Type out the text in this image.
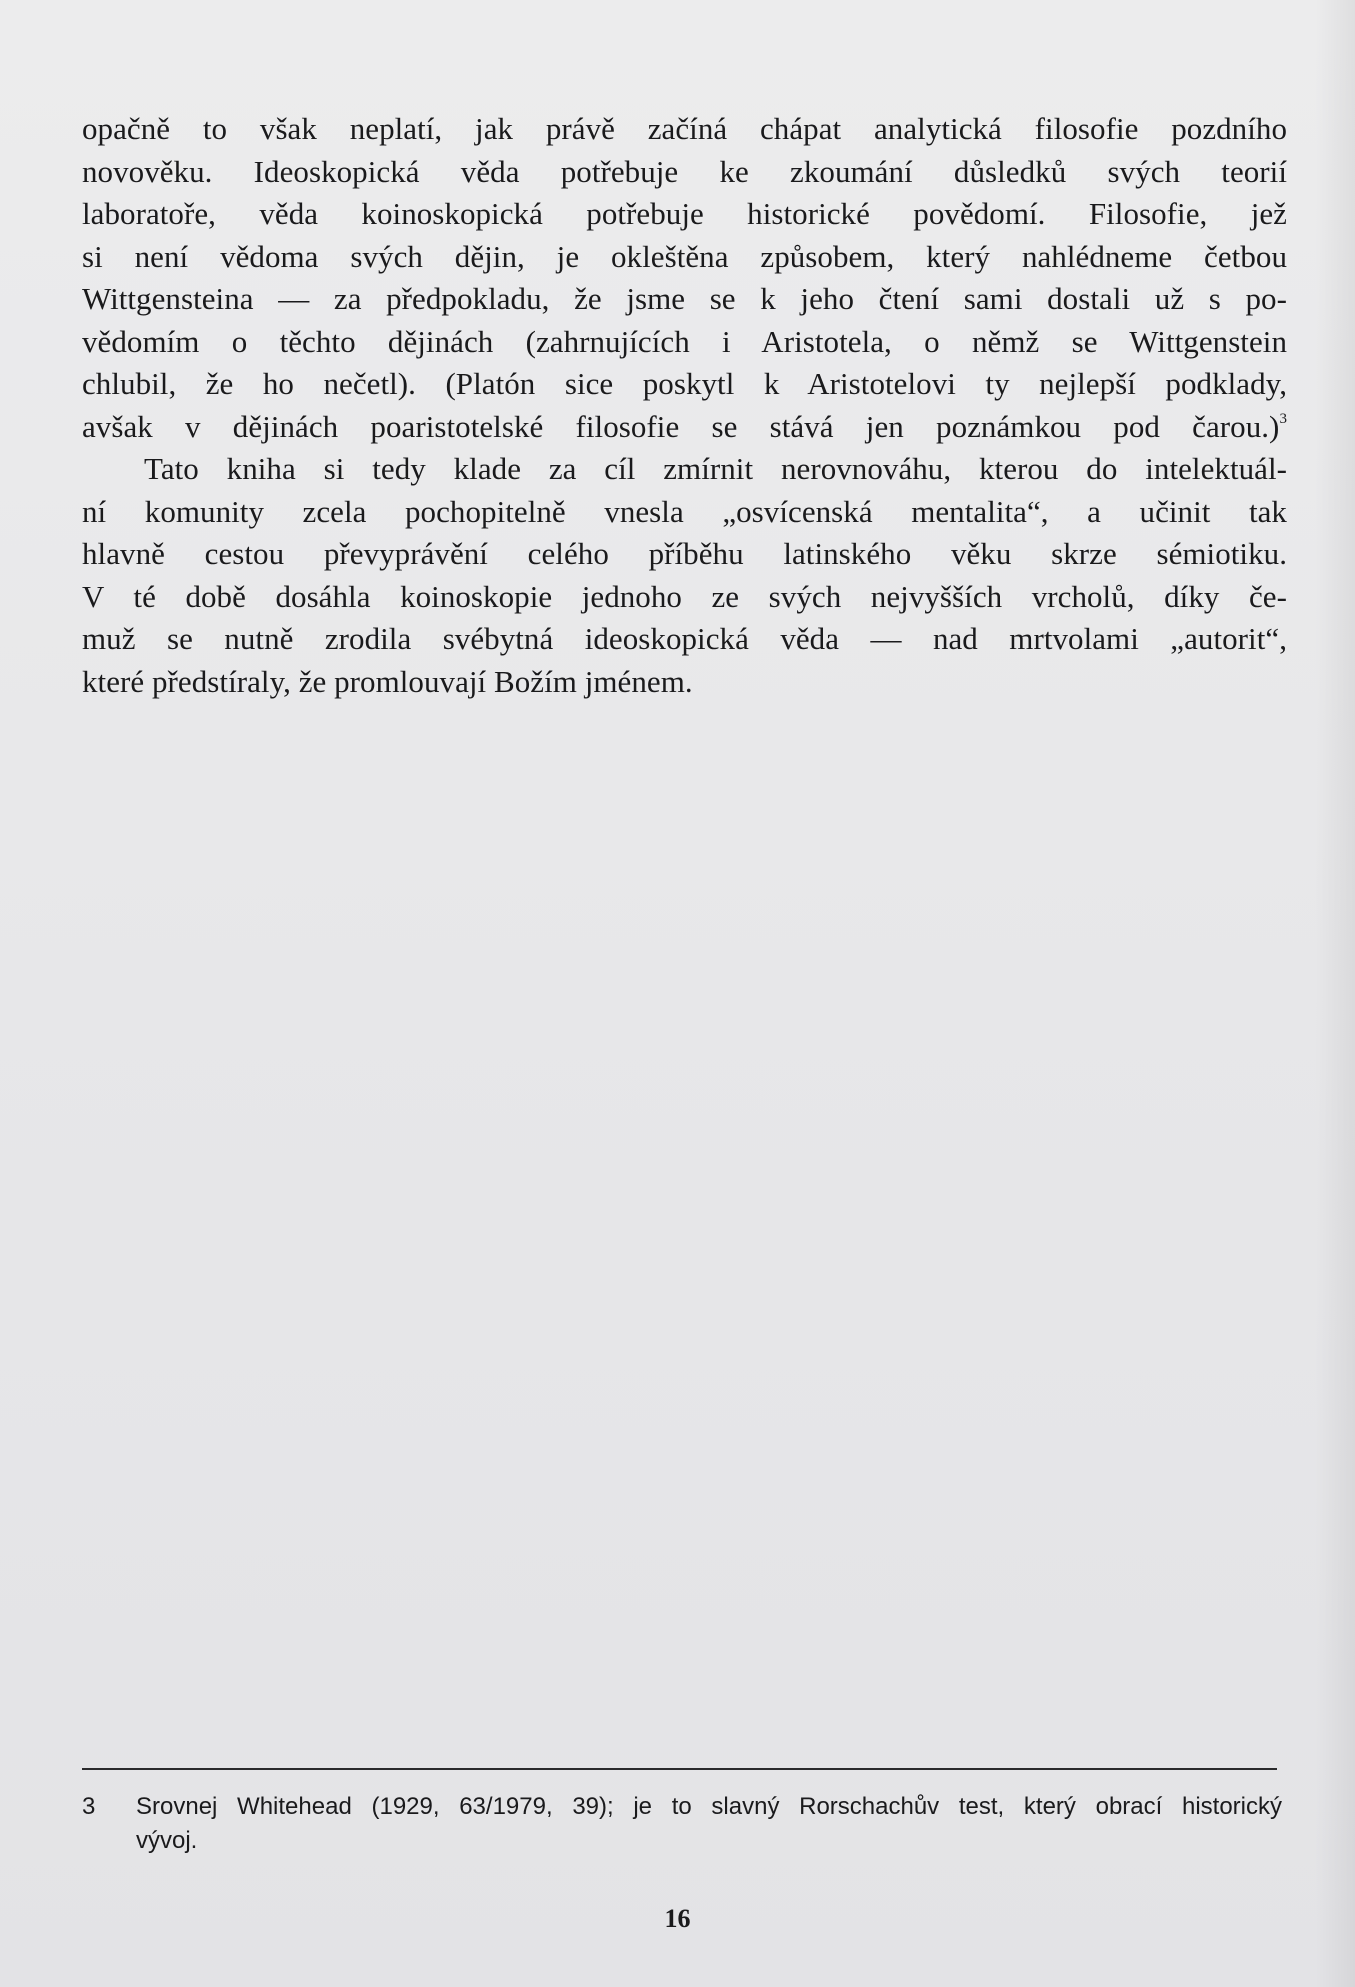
opačně to však neplatí, jak právě začíná chápat analytická filosofie pozdního
novověku. Ideoskopická věda potřebuje ke zkoumání důsledků svých teorií
laboratoře, věda koinoskopická potřebuje historické povědomí. Filosofie, jež
si není vědoma svých dějin, je okleštěna způsobem, který nahlédneme četbou
Wittgensteina — za předpokladu, že jsme se k jeho čtení sami dostali už s po-
vědomím o těchto dějinách (zahrnujících i Aristotela, o němž se Wittgenstein
chlubil, že ho nečetl). (Platón sice poskytl k Aristotelovi ty nejlepší podklady,
avšak v dějinách poaristotelské filosofie se stává jen poznámkou pod čarou.)$^3$
Tato kniha si tedy klade za cíl zmírnit nerovnováhu, kterou do intelektuál-
ní komunity zcela pochopitelně vnesla „osvícenská mentalita“, a učinit tak
hlavně cestou převyprávění celého příběhu latinského věku skrze sémiotiku.
V té době dosáhla koinoskopie jednoho ze svých nejvyšších vrcholů, díky če-
muž se nutně zrodila svébytná ideoskopická věda — nad mrtvolami „autorit“,
které předstíraly, že promlouvají Božím jménem.
3 Srovnej Whitehead (1929, 63/1979, 39); je to slavný Rorschachův test, který obrací historický
vývoj.
16
